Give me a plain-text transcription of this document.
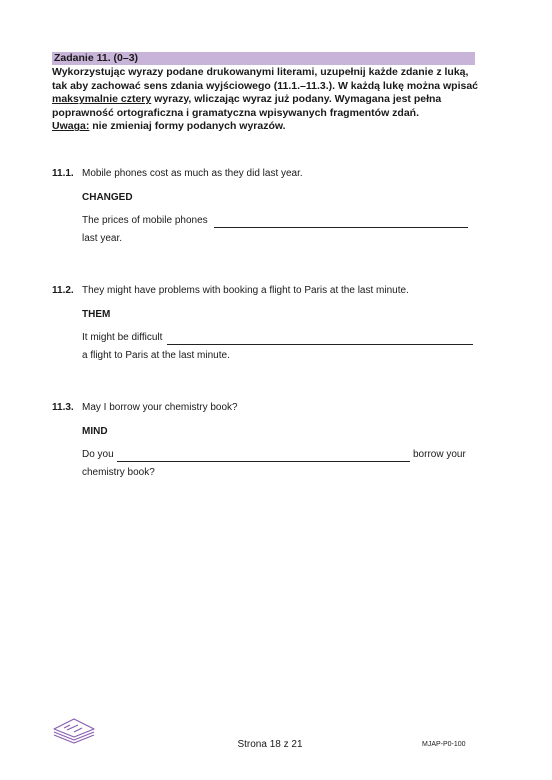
Zadanie 11. (0–3)
Wykorzystując wyrazy podane drukowanymi literami, uzupełnij każde zdanie z luką,
tak aby zachować sens zdania wyjściowego (11.1.–11.3.). W każdą lukę można wpisać
maksymalnie cztery wyrazy, wliczając wyraz już podany. Wymagana jest pełna
poprawność ortograficzna i gramatyczna wpisywanych fragmentów zdań.
Uwaga: nie zmieniaj formy podanych wyrazów.
11.1. Mobile phones cost as much as they did last year.
CHANGED
The prices of mobile phones
last year.
11.2. They might have problems with booking a flight to Paris at the last minute.
THEM
It might be difficult
a flight to Paris at the last minute.
11.3. May I borrow your chemistry book?
MIND
Do you	borrow your
chemistry book?
Strona 18 z 21	MJAP-P0-100
